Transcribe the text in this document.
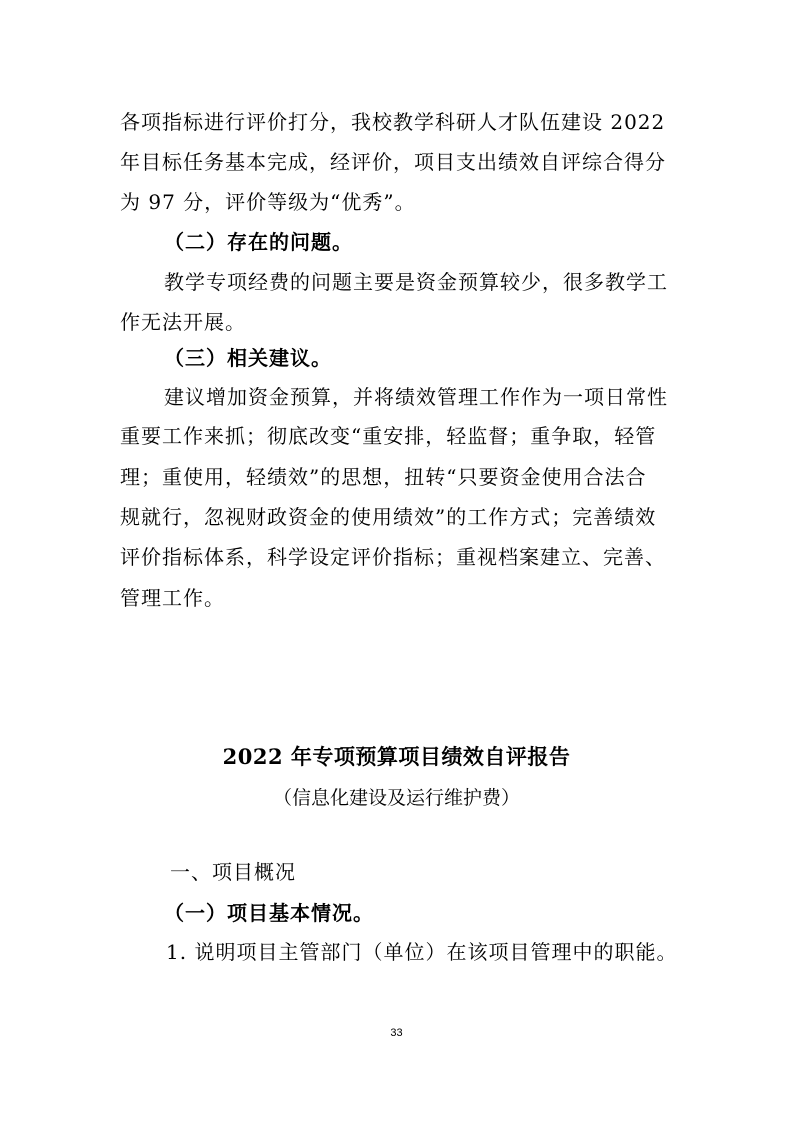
各项指标进行评价打分，我校教学科研人才队伍建设 2022
年目标任务基本完成，经评价，项目支出绩效自评综合得分
为 97 分，评价等级为“优秀”。
（二）存在的问题。
教学专项经费的问题主要是资金预算较少，很多教学工
作无法开展。
（三）相关建议。
建议增加资金预算，并将绩效管理工作作为一项日常性
重要工作来抓；彻底改变“重安排，轻监督；重争取，轻管
理；重使用，轻绩效”的思想，扭转“只要资金使用合法合
规就行，忽视财政资金的使用绩效”的工作方式；完善绩效
评价指标体系，科学设定评价指标；重视档案建立、完善、
管理工作。
2022 年专项预算项目绩效自评报告
（信息化建设及运行维护费）
一、项目概况
（一）项目基本情况。
1. 说明项目主管部门（单位）在该项目管理中的职能。
33
